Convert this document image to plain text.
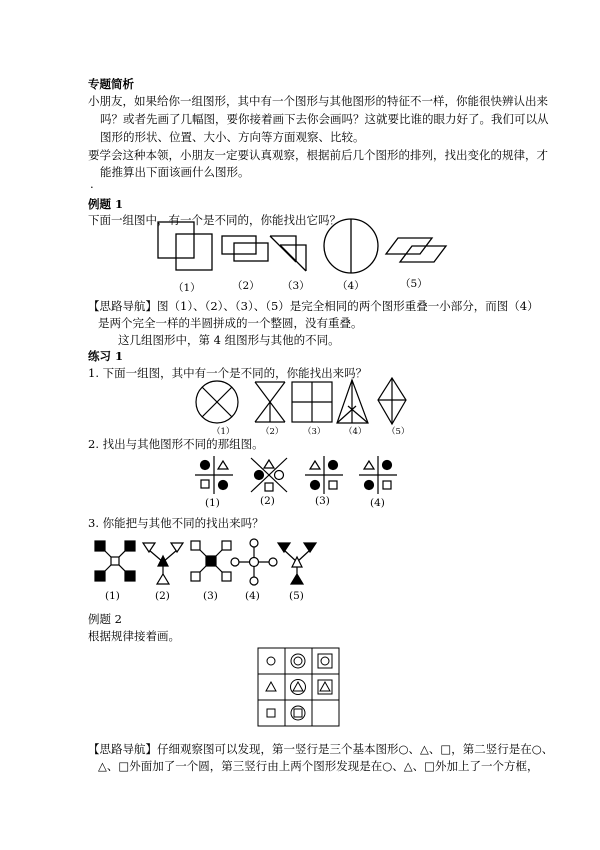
专题简析
小朋友，如果给你一组图形，其中有一个图形与其他图形的特征不一样，你能很快辨认出来
吗？或者先画了几幅图，要你接着画下去你会画吗？这就要比谁的眼力好了。我们可以从
图形的形状、位置、大小、方向等方面观察、比较。
要学会这种本领，小朋友一定要认真观察，根据前后几个图形的排列，找出变化的规律，才
能推算出下面该画什么图形。
.
例题 1
下面一组图中，有一个是不同的，你能找出它吗？
（1）	（2） （3）	（4）	（5）
【思路导航】图（1）、（2）、（3）、（5）是完全相同的两个图形重叠一小部分，而图（4）
是两个完全一样的半圆拼成的一个整圆，没有重叠。
这几组图形中，第 4 组图形与其他的不同。
练习 1
1. 下面一组图，其中有一个是不同的，你能找出来吗？
（1）	（2） （3） （4） （5）
2. 找出与其他图形不同的那组图。
(1)	(2)	(3)	(4)
3. 你能把与其他不同的找出来吗？
(1)	(2)	(3)	(4)	(5)
例题 2
根据规律接着画。
【思路导航】仔细观察图可以发现，第一竖行是三个基本图形○、△、□，第二竖行是在○、
△、□外面加了一个圆，第三竖行由上两个图形发现是在○、△、□外加上了一个方框，
